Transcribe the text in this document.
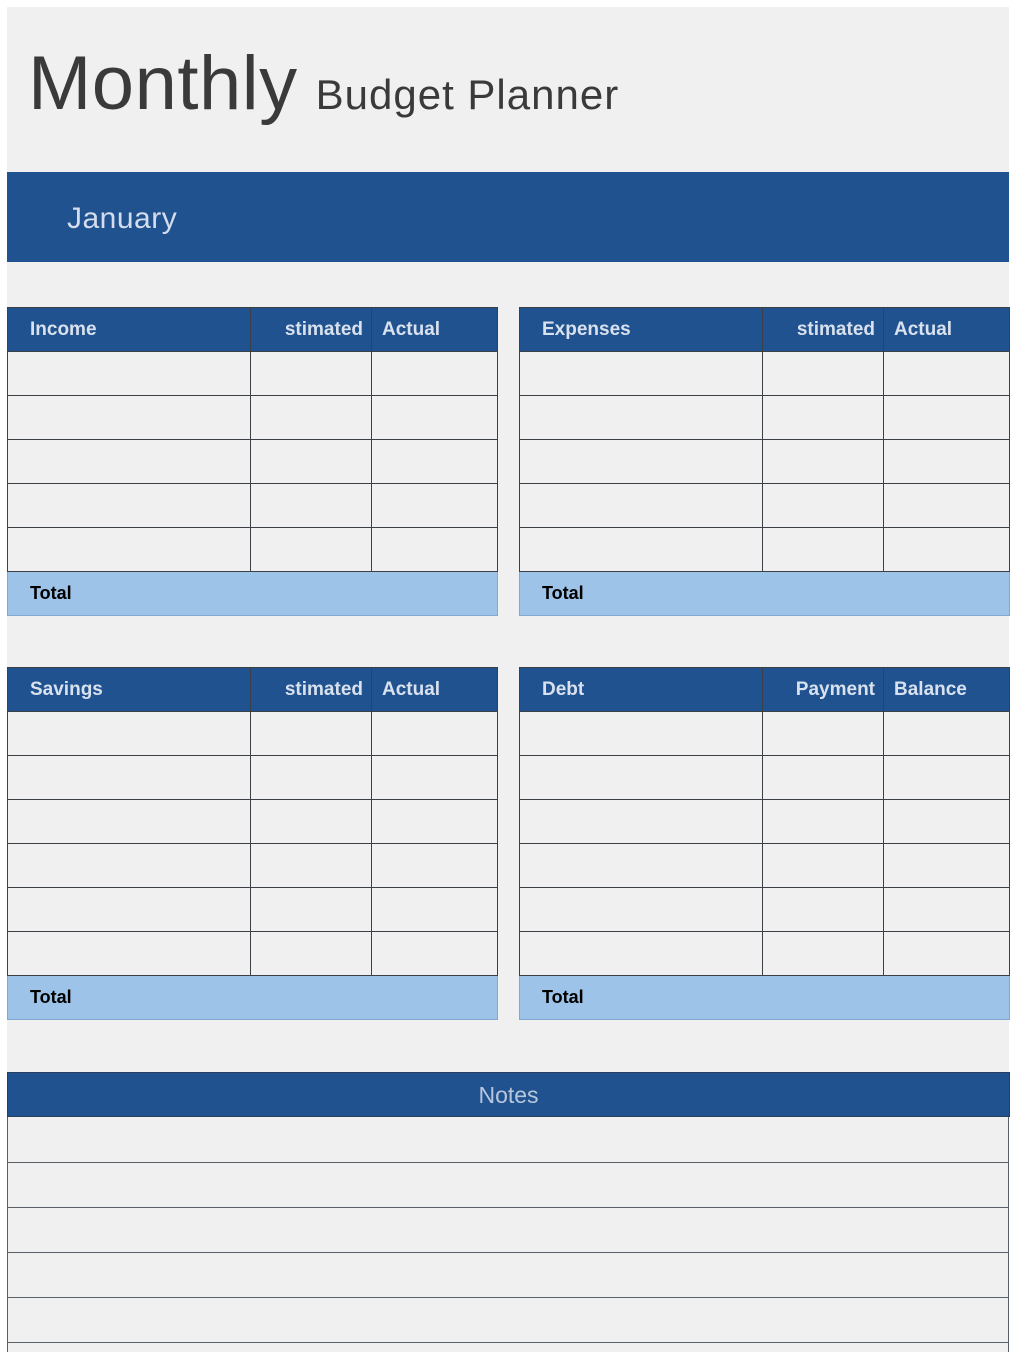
Monthly Budget Planner
January
Income	stimated	Actual

Total		
Expenses	stimated	Actual

Total		
Savings	stimated	Actual

Total		
Debt	Payment	Balance

Total		
Notes
